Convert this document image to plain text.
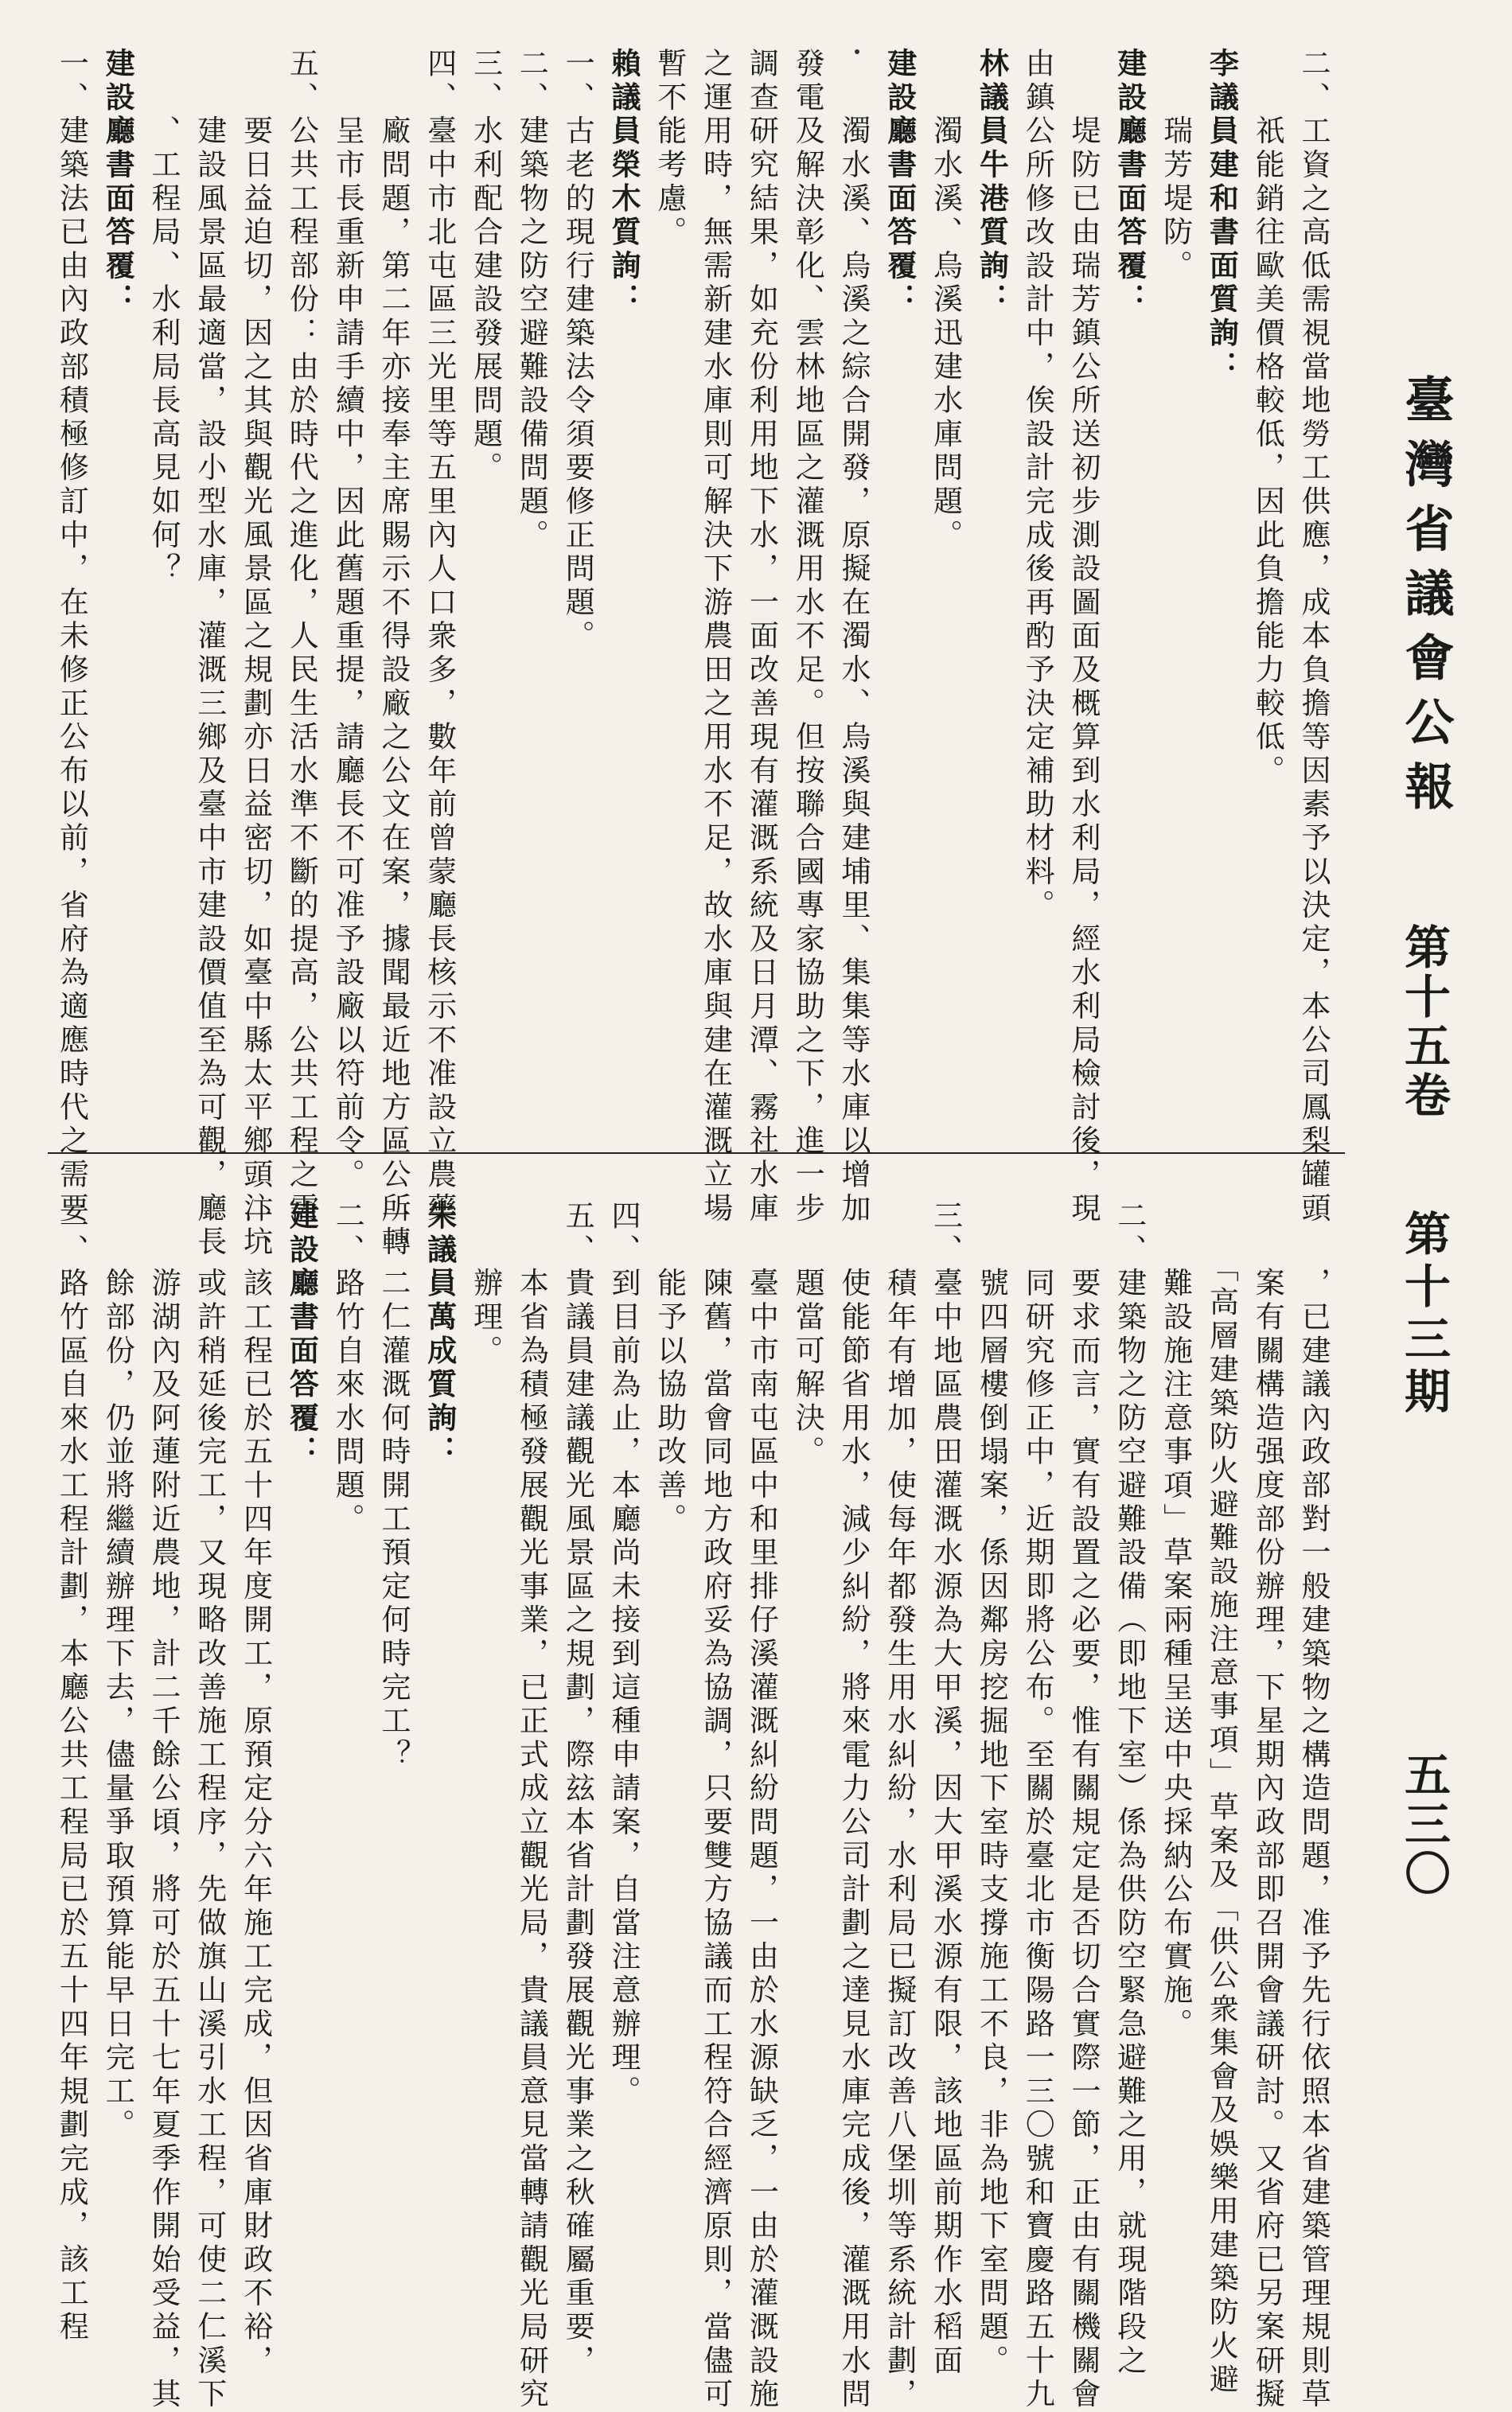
臺灣省議會公報
第十五卷
第十三期
五三〇
二、工資之高低需視當地勞工供應，成本負擔等因素予以決定，本公司鳳梨罐頭
　　祇能銷往歐美價格較低，因此負擔能力較低。
李議員建和書面質詢：
　　瑞芳堤防。
建設廳書面答覆：
　　堤防已由瑞芳鎮公所送初步測設圖面及概算到水利局，經水利局檢討後，現
由鎮公所修改設計中，俟設計完成後再酌予決定補助材料。
林議員牛港質詢：
　　濁水溪、烏溪迅建水庫問題。
建設廳書面答覆：
　　濁水溪、烏溪之綜合開發，原擬在濁水、烏溪與建埔里、集集等水庫以增加
發電及解決彰化、雲林地區之灌溉用水不足。但按聯合國專家協助之下，進一步
調查研究結果，如充份利用地下水，一面改善現有灌溉系統及日月潭、霧社水庫
之運用時，無需新建水庫則可解決下游農田之用水不足，故水庫與建在灌溉立場
暫不能考慮。
賴議員榮木質詢：
一、古老的現行建築法令須要修正問題。
二、建築物之防空避難設備問題。
三、水利配合建設發展問題。
四、臺中市北屯區三光里等五里內人口衆多，數年前曾蒙廳長核示不准設立農藥
　　廠問題，第二年亦接奉主席賜示不得設廠之公文在案，據聞最近地方區公所轉
　　呈市長重新申請手續中，因此舊題重提，請廳長不可准予設廠以符前令。
五、公共工程部份：由於時代之進化，人民生活水準不斷的提高，公共工程之需
　　要日益迫切，因之其與觀光風景區之規劃亦日益密切，如臺中縣太平鄉頭汴坑
　　建設風景區最適當，設小型水庫，灌溉三鄉及臺中市建設價值至為可觀，廳長
　　、工程局、水利局長高見如何？
建設廳書面答覆：
一、建築法已由內政部積極修訂中，在未修正公布以前，省府為適應時代之需要
　　，已建議內政部對一般建築物之構造問題，准予先行依照本省建築管理規則草
　　案有關構造强度部份辦理，下星期內政部即召開會議研討。又省府已另案研擬
　　「高層建築防火避難設施注意事項」草案及「供公衆集會及娛樂用建築防火避
　　難設施注意事項」草案兩種呈送中央採納公布實施。
二、建築物之防空避難設備（即地下室）係為供防空緊急避難之用，就現階段之
　　要求而言，實有設置之必要，惟有關規定是否切合實際一節，正由有關機關會
　　同研究修正中，近期即將公布。至關於臺北市衡陽路一三〇號和寶慶路五十九
　　號四層樓倒塌案，係因鄰房挖掘地下室時支撐施工不良，非為地下室問題。
三、臺中地區農田灌溉水源為大甲溪，因大甲溪水源有限，該地區前期作水稻面
　　積年有增加，使每年都發生用水糾紛，水利局已擬訂改善八堡圳等系統計劃，
　　使能節省用水，減少糾紛，將來電力公司計劃之達見水庫完成後，灌溉用水問
　　題當可解決。
　　臺中市南屯區中和里排仔溪灌溉糾紛問題，一由於水源缺乏，一由於灌溉設施
　　陳舊，當會同地方政府妥為協調，只要雙方協議而工程符合經濟原則，當儘可
　　能予以協助改善。
四、到目前為止，本廳尚未接到這種申請案，自當注意辦理。
五、貴議員建議觀光風景區之規劃，際玆本省計劃發展觀光事業之秋確屬重要，
　　本省為積極發展觀光事業，已正式成立觀光局，貴議員意見當轉請觀光局研究
　　辦理。
朱議員萬成質詢：
一、二仁灌溉何時開工預定何時完工？
二、路竹自來水問題。
建設廳書面答覆：
一、該工程已於五十四年度開工，原預定分六年施工完成，但因省庫財政不裕，
　　或許稍延後完工，又現略改善施工程序，先做旗山溪引水工程，可使二仁溪下
　　游湖內及阿蓮附近農地，計二千餘公頃，將可於五十七年夏季作開始受益，其
　　餘部份，仍並將繼續辦理下去，儘量爭取預算能早日完工。
二、路竹區自來水工程計劃，本廳公共工程局已於五十四年規劃完成，該工程
